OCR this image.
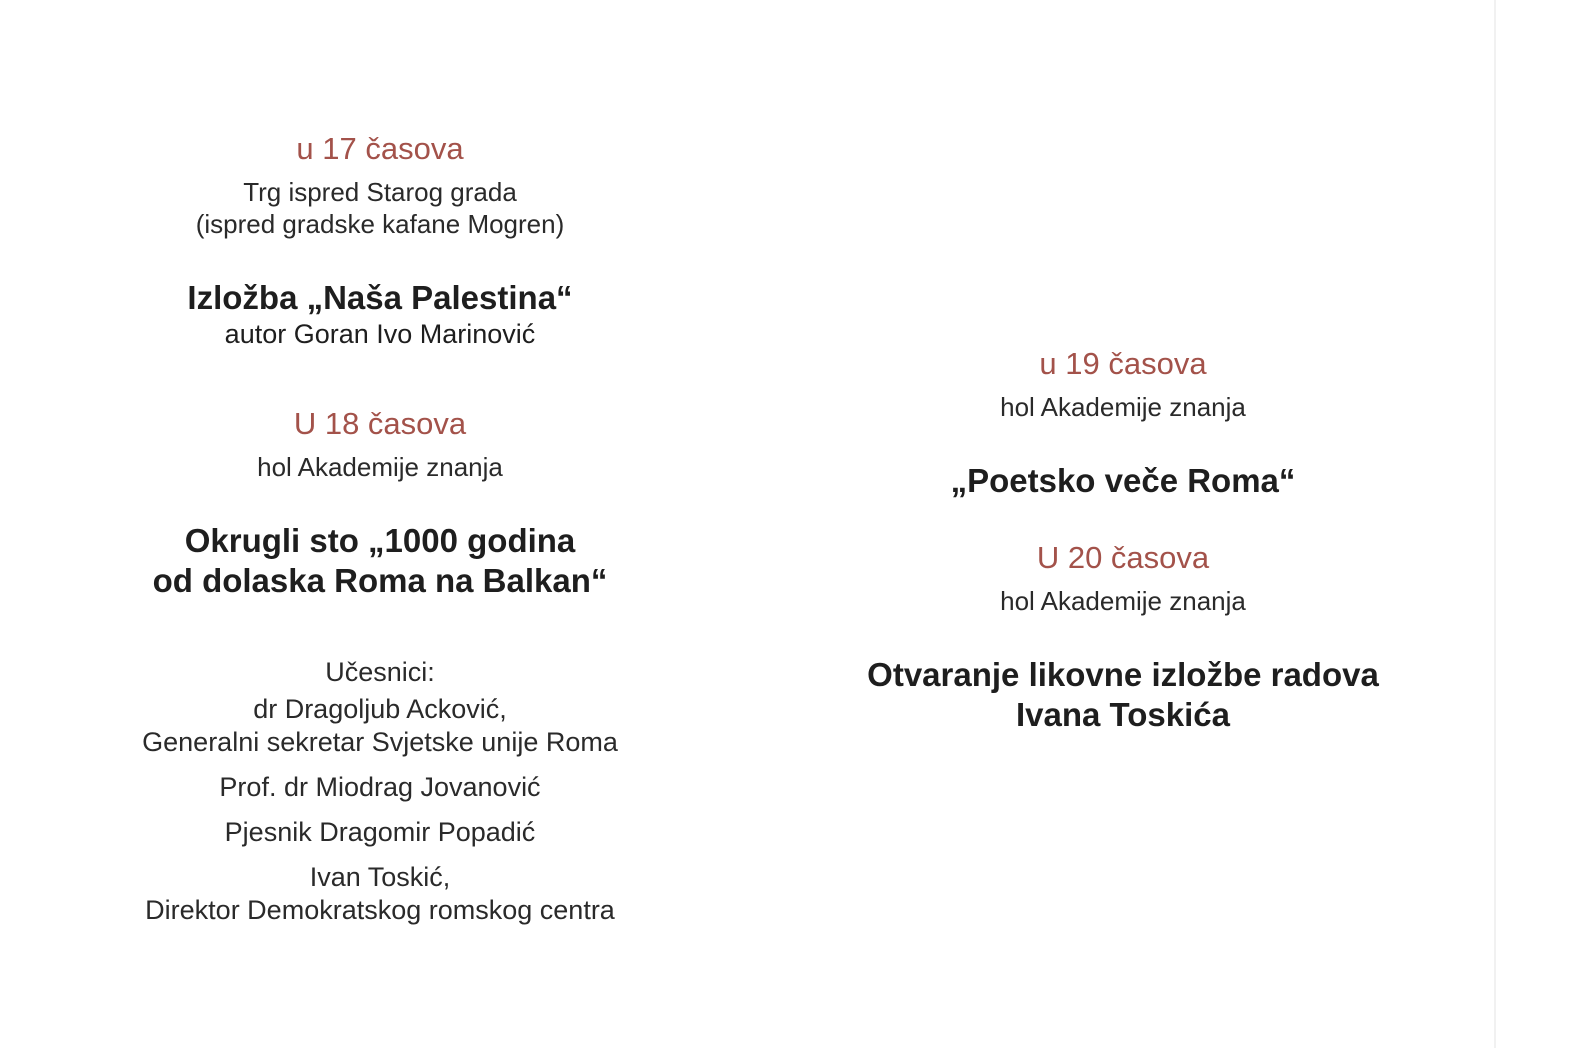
u 17 časova
Trg ispred Starog grada
(ispred gradske kafane Mogren)
Izložba „Naša Palestina“
autor Goran Ivo Marinović
U 18 časova
hol Akademije znanja
Okrugli sto „1000 godina
od dolaska Roma na Balkan“
Učesnici:
dr Dragoljub Acković,
Generalni sekretar Svjetske unije Roma
Prof. dr Miodrag Jovanović
Pjesnik Dragomir Popadić
Ivan Toskić,
Direktor Demokratskog romskog centra
u 19 časova
hol Akademije znanja
„Poetsko veče Roma“
U 20 časova
hol Akademije znanja
Otvaranje likovne izložbe radova
Ivana Toskića
